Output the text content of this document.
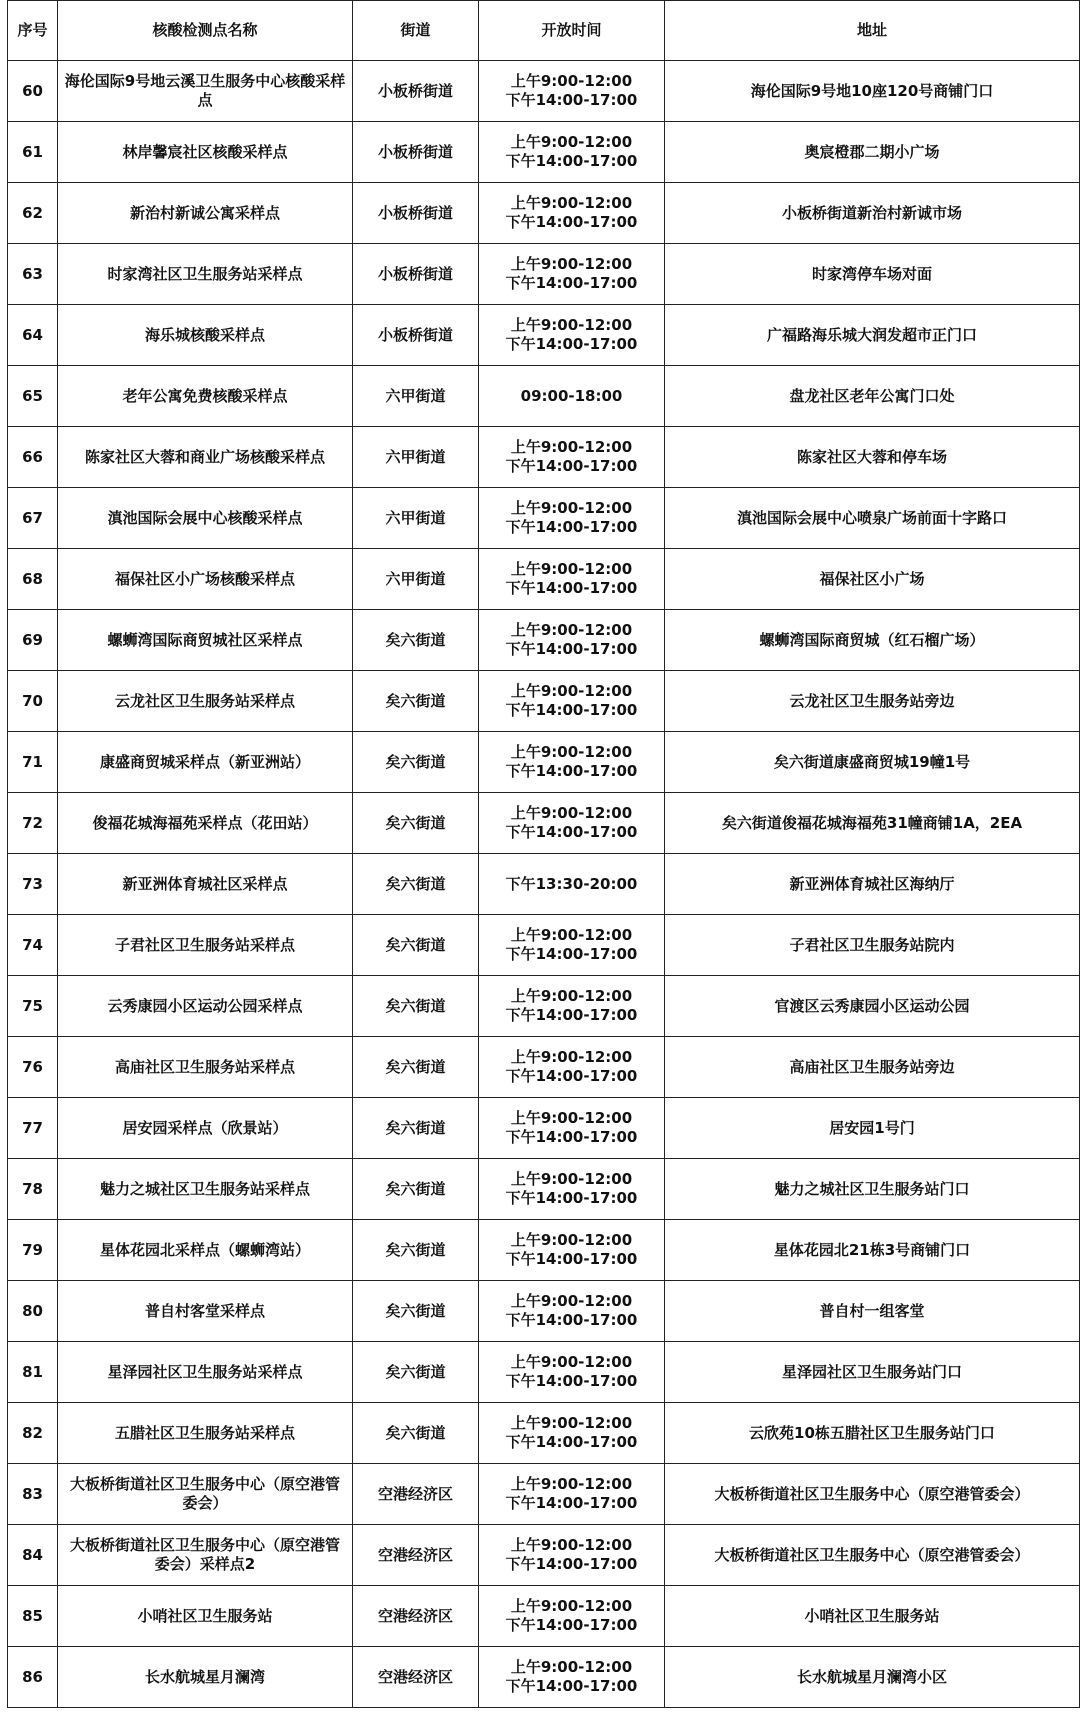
序号	核酸检测点名称	街道	开放时间	地址
60	海伦国际9号地云溪卫生服务中心核酸采样点	小板桥街道	上午9:00-12:00
下午14:00-17:00	海伦国际9号地10座120号商铺门口
61	林岸馨宸社区核酸采样点	小板桥街道	上午9:00-12:00
下午14:00-17:00	奥宸橙郡二期小广场
62	新治村新诚公寓采样点	小板桥街道	上午9:00-12:00
下午14:00-17:00	小板桥街道新治村新诚市场
63	时家湾社区卫生服务站采样点	小板桥街道	上午9:00-12:00
下午14:00-17:00	时家湾停车场对面
64	海乐城核酸采样点	小板桥街道	上午9:00-12:00
下午14:00-17:00	广福路海乐城大润发超市正门口
65	老年公寓免费核酸采样点	六甲街道	09:00-18:00	盘龙社区老年公寓门口处
66	陈家社区大蓉和商业广场核酸采样点	六甲街道	上午9:00-12:00
下午14:00-17:00	陈家社区大蓉和停车场
67	滇池国际会展中心核酸采样点	六甲街道	上午9:00-12:00
下午14:00-17:00	滇池国际会展中心喷泉广场前面十字路口
68	福保社区小广场核酸采样点	六甲街道	上午9:00-12:00
下午14:00-17:00	福保社区小广场
69	螺蛳湾国际商贸城社区采样点	矣六街道	上午9:00-12:00
下午14:00-17:00	螺蛳湾国际商贸城（红石榴广场）
70	云龙社区卫生服务站采样点	矣六街道	上午9:00-12:00
下午14:00-17:00	云龙社区卫生服务站旁边
71	康盛商贸城采样点（新亚洲站）	矣六街道	上午9:00-12:00
下午14:00-17:00	矣六街道康盛商贸城19幢1号
72	俊福花城海福苑采样点（花田站）	矣六街道	上午9:00-12:00
下午14:00-17:00	矣六街道俊福花城海福苑31幢商铺1A，2EA
73	新亚洲体育城社区采样点	矣六街道	下午13:30-20:00	新亚洲体育城社区海纳厅
74	子君社区卫生服务站采样点	矣六街道	上午9:00-12:00
下午14:00-17:00	子君社区卫生服务站院内
75	云秀康园小区运动公园采样点	矣六街道	上午9:00-12:00
下午14:00-17:00	官渡区云秀康园小区运动公园
76	高庙社区卫生服务站采样点	矣六街道	上午9:00-12:00
下午14:00-17:00	高庙社区卫生服务站旁边
77	居安园采样点（欣景站）	矣六街道	上午9:00-12:00
下午14:00-17:00	居安园1号门
78	魅力之城社区卫生服务站采样点	矣六街道	上午9:00-12:00
下午14:00-17:00	魅力之城社区卫生服务站门口
79	星体花园北采样点（螺蛳湾站）	矣六街道	上午9:00-12:00
下午14:00-17:00	星体花园北21栋3号商铺门口
80	普自村客堂采样点	矣六街道	上午9:00-12:00
下午14:00-17:00	普自村一组客堂
81	星泽园社区卫生服务站采样点	矣六街道	上午9:00-12:00
下午14:00-17:00	星泽园社区卫生服务站门口
82	五腊社区卫生服务站采样点	矣六街道	上午9:00-12:00
下午14:00-17:00	云欣苑10栋五腊社区卫生服务站门口
83	大板桥街道社区卫生服务中心（原空港管委会）	空港经济区	上午9:00-12:00
下午14:00-17:00	大板桥街道社区卫生服务中心（原空港管委会）
84	大板桥街道社区卫生服务中心（原空港管委会）采样点2	空港经济区	上午9:00-12:00
下午14:00-17:00	大板桥街道社区卫生服务中心（原空港管委会）
85	小哨社区卫生服务站	空港经济区	上午9:00-12:00
下午14:00-17:00	小哨社区卫生服务站
86	长水航城星月澜湾	空港经济区	上午9:00-12:00
下午14:00-17:00	长水航城星月澜湾小区
